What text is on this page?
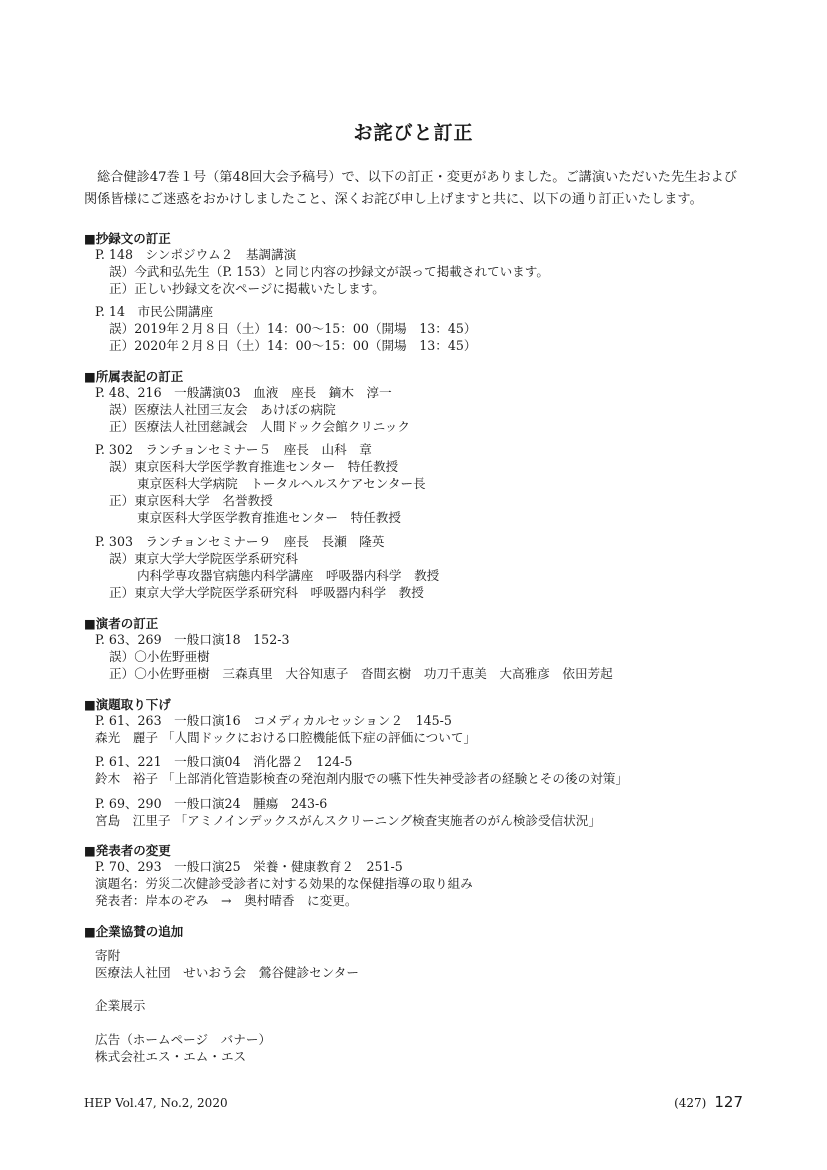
お詫びと訂正
総合健診47巻１号（第48回大会予稿号）で、以下の訂正・変更がありました。ご講演いただいた先生および
関係皆様にご迷惑をおかけしましたこと、深くお詫び申し上げますと共に、以下の通り訂正いたします。
■抄録文の訂正
P. 148　シンポジウム２　基調講演
誤）今武和弘先生（P. 153）と同じ内容の抄録文が誤って掲載されています。
正）正しい抄録文を次ページに掲載いたします。
P. 14　市民公開講座
誤）2019年２月８日（土）14：00～15：00（開場　13：45）
正）2020年２月８日（土）14：00～15：00（開場　13：45）
■所属表記の訂正
P. 48、216　一般講演03　血液　座長　鏑木　淳一
誤）医療法人社団三友会　あけぼの病院
正）医療法人社団慈誠会　人間ドック会館クリニック
P. 302　ランチョンセミナー５　座長　山科　章
誤）東京医科大学医学教育推進センター　特任教授
東京医科大学病院　トータルヘルスケアセンター長
正）東京医科大学　名誉教授
東京医科大学医学教育推進センター　特任教授
P. 303　ランチョンセミナー９　座長　長瀬　隆英
誤）東京大学大学院医学系研究科
内科学専攻器官病態内科学講座　呼吸器内科学　教授
正）東京大学大学院医学系研究科　呼吸器内科学　教授
■演者の訂正
P. 63、269　一般口演18　152-3
誤）〇小佐野亜樹
正）〇小佐野亜樹　三森真里　大谷知恵子　沓間玄樹　功刀千恵美　大高雅彦　依田芳起
■演題取り下げ
P. 61、263　一般口演16　コメディカルセッション２　145-5
森光　麗子 「人間ドックにおける口腔機能低下症の評価について」
P. 61、221　一般口演04　消化器２　124-5
鈴木　裕子 「上部消化管造影検査の発泡剤内服での嚥下性失神受診者の経験とその後の対策」
P. 69、290　一般口演24　腫瘍　243-6
宮島　江里子 「アミノインデックスがんスクリーニング検査実施者のがん検診受信状況」
■発表者の変更
P. 70、293　一般口演25　栄養・健康教育２　251-5
演題名：労災二次健診受診者に対する効果的な保健指導の取り組み
発表者：岸本のぞみ　→　奥村晴香　に変更。
■企業協賛の追加
寄附
医療法人社団　せいおう会　鶯谷健診センター
企業展示
広告（ホームページ　バナー）
株式会社エス・エム・エス
HEP Vol.47, No.2, 2020	(427) 127
